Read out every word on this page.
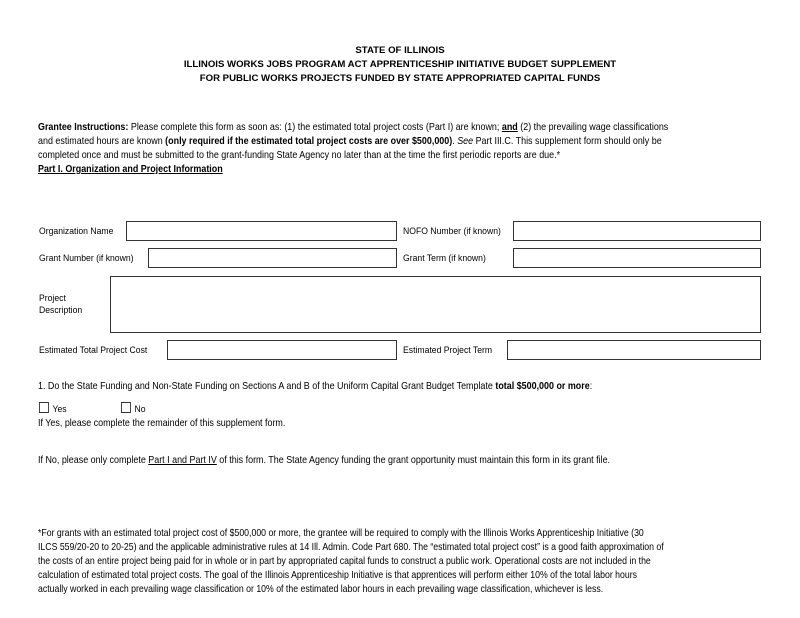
STATE OF ILLINOIS
ILLINOIS WORKS JOBS PROGRAM ACT APPRENTICESHIP INITIATIVE BUDGET SUPPLEMENT
FOR PUBLIC WORKS PROJECTS FUNDED BY STATE APPROPRIATED CAPITAL FUNDS
Grantee Instructions: Please complete this form as soon as: (1) the estimated total project costs (Part I) are known; and (2) the prevailing wage classifications
and estimated hours are known (only required if the estimated total project costs are over $500,000). See Part III.C. This supplement form should only be
completed once and must be submitted to the grant-funding State Agency no later than at the time the first periodic reports are due.*
Part I. Organization and Project Information
Organization Name	NOFO Number (if known)
Grant Number (if known)	Grant Term (if known)
Project
Description
Estimated Total Project Cost	Estimated Project Term
1. Do the State Funding and Non-State Funding on Sections A and B of the Uniform Capital Grant Budget Template total $500,000 or more:
Yes	No
If Yes, please complete the remainder of this supplement form.
If No, please only complete Part I and Part IV of this form. The State Agency funding the grant opportunity must maintain this form in its grant file.
*For grants with an estimated total project cost of $500,000 or more, the grantee will be required to comply with the Illinois Works Apprenticeship Initiative (30
ILCS 559/20-20 to 20-25) and the applicable administrative rules at 14 Ill. Admin. Code Part 680. The “estimated total project cost” is a good faith approximation of
the costs of an entire project being paid for in whole or in part by appropriated capital funds to construct a public work. Operational costs are not included in the
calculation of estimated total project costs. The goal of the Illinois Apprenticeship Initiative is that apprentices will perform either 10% of the total labor hours
actually worked in each prevailing wage classification or 10% of the estimated labor hours in each prevailing wage classification, whichever is less.
